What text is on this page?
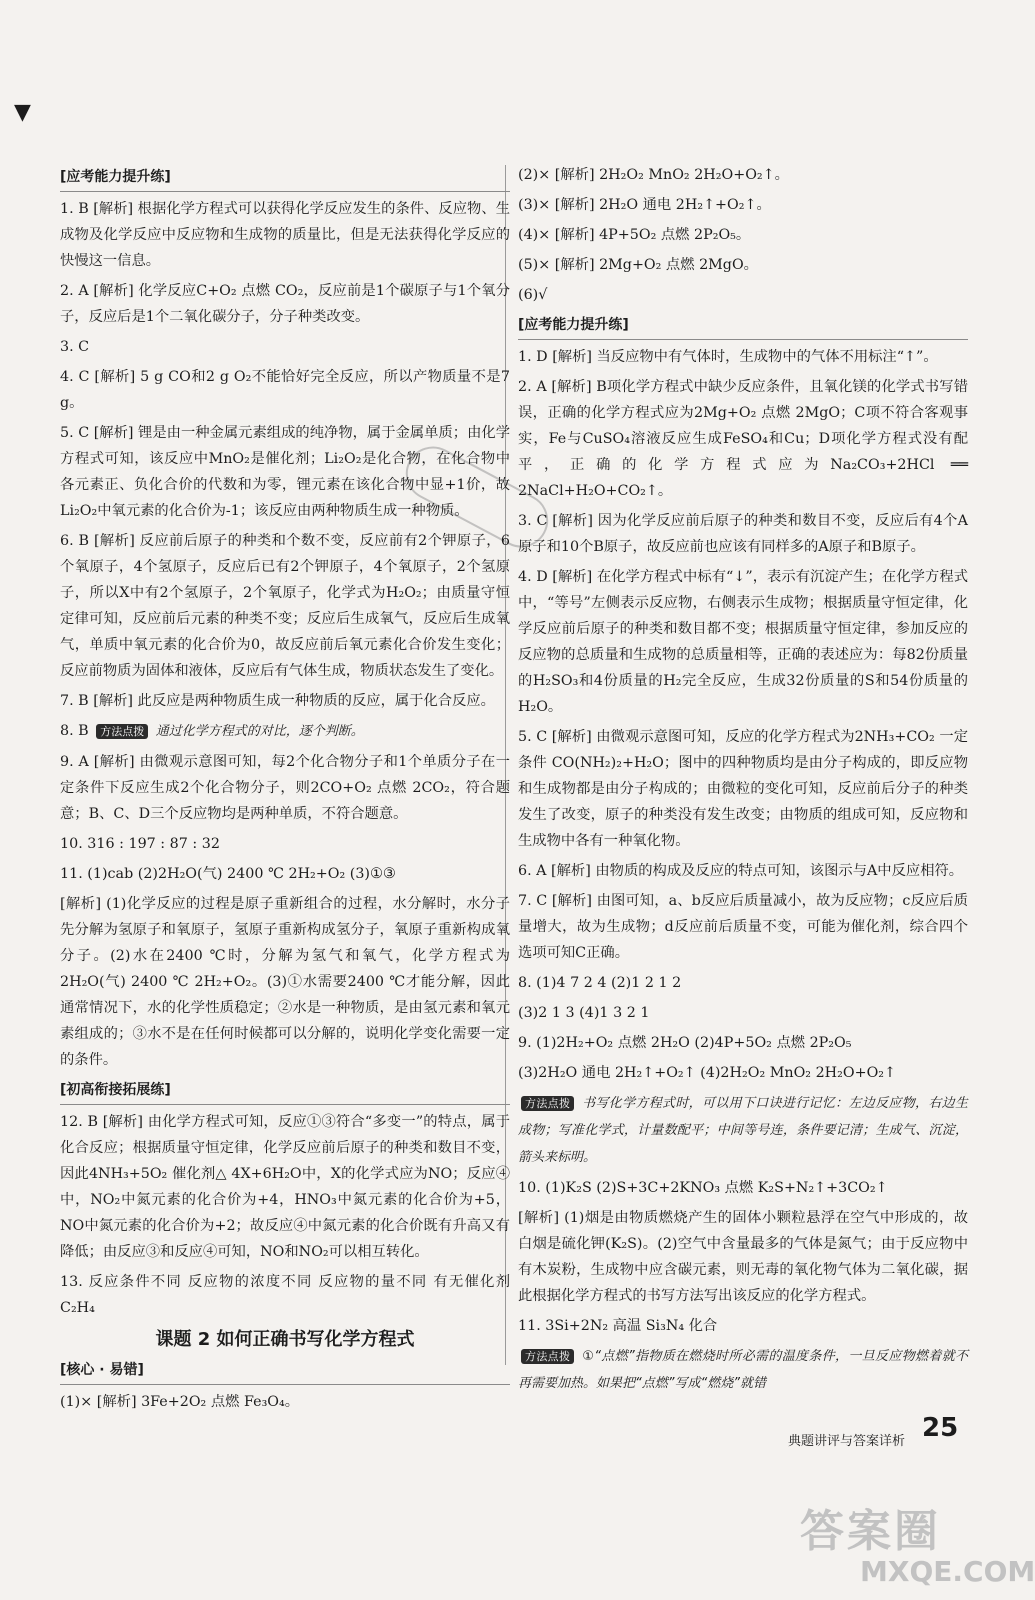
▼
[应考能力提升练]
1. B [解析] 根据化学方程式可以获得化学反应发生的条件、反应物、生成物及化学反应中反应物和生成物的质量比，但是无法获得化学反应的快慢这一信息。
2. A [解析] 化学反应C+O₂ 点燃 CO₂，反应前是1个碳原子与1个氧分子，反应后是1个二氧化碳分子，分子种类改变。
3. C
4. C [解析] 5 g CO和2 g O₂不能恰好完全反应，所以产物质量不是7 g。
5. C [解析] 锂是由一种金属元素组成的纯净物，属于金属单质；由化学方程式可知，该反应中MnO₂是催化剂；Li₂O₂是化合物，在化合物中各元素正、负化合价的代数和为零，锂元素在该化合物中显+1价，故Li₂O₂中氧元素的化合价为-1；该反应由两种物质生成一种物质。
6. B [解析] 反应前后原子的种类和个数不变，反应前有2个钾原子，6个氧原子，4个氢原子，反应后已有2个钾原子，4个氧原子，2个氢原子，所以X中有2个氢原子，2个氧原子，化学式为H₂O₂；由质量守恒定律可知，反应前后元素的种类不变；反应后生成氧气，反应后生成氧气，单质中氧元素的化合价为0，故反应前后氧元素化合价发生变化；反应前物质为固体和液体，反应后有气体生成，物质状态发生了变化。
7. B [解析] 此反应是两种物质生成一种物质的反应，属于化合反应。
8. B 方法点拨 通过化学方程式的对比，逐个判断。
9. A [解析] 由微观示意图可知，每2个化合物分子和1个单质分子在一定条件下反应生成2个化合物分子，则2CO+O₂ 点燃 2CO₂，符合题意；B、C、D三个反应物均是两种单质，不符合题意。
10. 316 : 197 : 87 : 32
11. (1)cab (2)2H₂O(气) 2400 ℃ 2H₂+O₂ (3)①③
[解析] (1)化学反应的过程是原子重新组合的过程，水分解时，水分子先分解为氢原子和氧原子，氢原子重新构成氢分子，氧原子重新构成氧分子。(2)水在2400 ℃时，分解为氢气和氧气，化学方程式为2H₂O(气) 2400 ℃ 2H₂+O₂。(3)①水需要2400 ℃才能分解，因此通常情况下，水的化学性质稳定；②水是一种物质，是由氢元素和氧元素组成的；③水不是在任何时候都可以分解的，说明化学变化需要一定的条件。
[初高衔接拓展练]
12. B [解析] 由化学方程式可知，反应①③符合“多变一”的特点，属于化合反应；根据质量守恒定律，化学反应前后原子的种类和数目不变，因此4NH₃+5O₂ 催化剂△ 4X+6H₂O中，X的化学式应为NO；反应④中，NO₂中氮元素的化合价为+4，HNO₃中氮元素的化合价为+5，NO中氮元素的化合价为+2；故反应④中氮元素的化合价既有升高又有降低；由反应③和反应④可知，NO和NO₂可以相互转化。
13. 反应条件不同 反应物的浓度不同 反应物的量不同 有无催化剂 C₂H₄
课题 2 如何正确书写化学方程式
[核心 · 易错]
(1)× [解析] 3Fe+2O₂ 点燃 Fe₃O₄。
(2)× [解析] 2H₂O₂ MnO₂ 2H₂O+O₂↑。
(3)× [解析] 2H₂O 通电 2H₂↑+O₂↑。
(4)× [解析] 4P+5O₂ 点燃 2P₂O₅。
(5)× [解析] 2Mg+O₂ 点燃 2MgO。
(6)√
[应考能力提升练]
1. D [解析] 当反应物中有气体时，生成物中的气体不用标注“↑”。
2. A [解析] B项化学方程式中缺少反应条件，且氧化镁的化学式书写错误，正确的化学方程式应为2Mg+O₂ 点燃 2MgO；C项不符合客观事实，Fe与CuSO₄溶液反应生成FeSO₄和Cu；D项化学方程式没有配平，正确的化学方程式应为Na₂CO₃+2HCl ══ 2NaCl+H₂O+CO₂↑。
3. C [解析] 因为化学反应前后原子的种类和数目不变，反应后有4个A原子和10个B原子，故反应前也应该有同样多的A原子和B原子。
4. D [解析] 在化学方程式中标有“↓”，表示有沉淀产生；在化学方程式中，“等号”左侧表示反应物，右侧表示生成物；根据质量守恒定律，化学反应前后原子的种类和数目都不变；根据质量守恒定律，参加反应的反应物的总质量和生成物的总质量相等，正确的表述应为：每82份质量的H₂SO₃和4份质量的H₂完全反应，生成32份质量的S和54份质量的H₂O。
5. C [解析] 由微观示意图可知，反应的化学方程式为2NH₃+CO₂ 一定条件 CO(NH₂)₂+H₂O；图中的四种物质均是由分子构成的，即反应物和生成物都是由分子构成的；由微粒的变化可知，反应前后分子的种类发生了改变，原子的种类没有发生改变；由物质的组成可知，反应物和生成物中各有一种氧化物。
6. A [解析] 由物质的构成及反应的特点可知，该图示与A中反应相符。
7. C [解析] 由图可知，a、b反应后质量减小，故为反应物；c反应后质量增大，故为生成物；d反应前后质量不变，可能为催化剂，综合四个选项可知C正确。
8. (1)4 7 2 4 (2)1 2 1 2
(3)2 1 3 (4)1 3 2 1
9. (1)2H₂+O₂ 点燃 2H₂O (2)4P+5O₂ 点燃 2P₂O₅
(3)2H₂O 通电 2H₂↑+O₂↑ (4)2H₂O₂ MnO₂ 2H₂O+O₂↑
方法点拨 书写化学方程式时，可以用下口诀进行记忆：左边反应物，右边生成物；写准化学式，计量数配平；中间等号连，条件要记清；生成气、沉淀，箭头来标明。
10. (1)K₂S (2)S+3C+2KNO₃ 点燃 K₂S+N₂↑+3CO₂↑
[解析] (1)烟是由物质燃烧产生的固体小颗粒悬浮在空气中形成的，故白烟是硫化钾(K₂S)。(2)空气中含量最多的气体是氮气；由于反应物中有木炭粉，生成物中应含碳元素，则无毒的氧化物气体为二氧化碳，据此根据化学方程式的书写方法写出该反应的化学方程式。
11. 3Si+2N₂ 高温 Si₃N₄ 化合
方法点拨 ①“点燃”指物质在燃烧时所必需的温度条件，一旦反应物燃着就不再需要加热。如果把“点燃”写成“燃烧”就错
典题讲评与答案详析 25
答案圈
MXQE.COM
